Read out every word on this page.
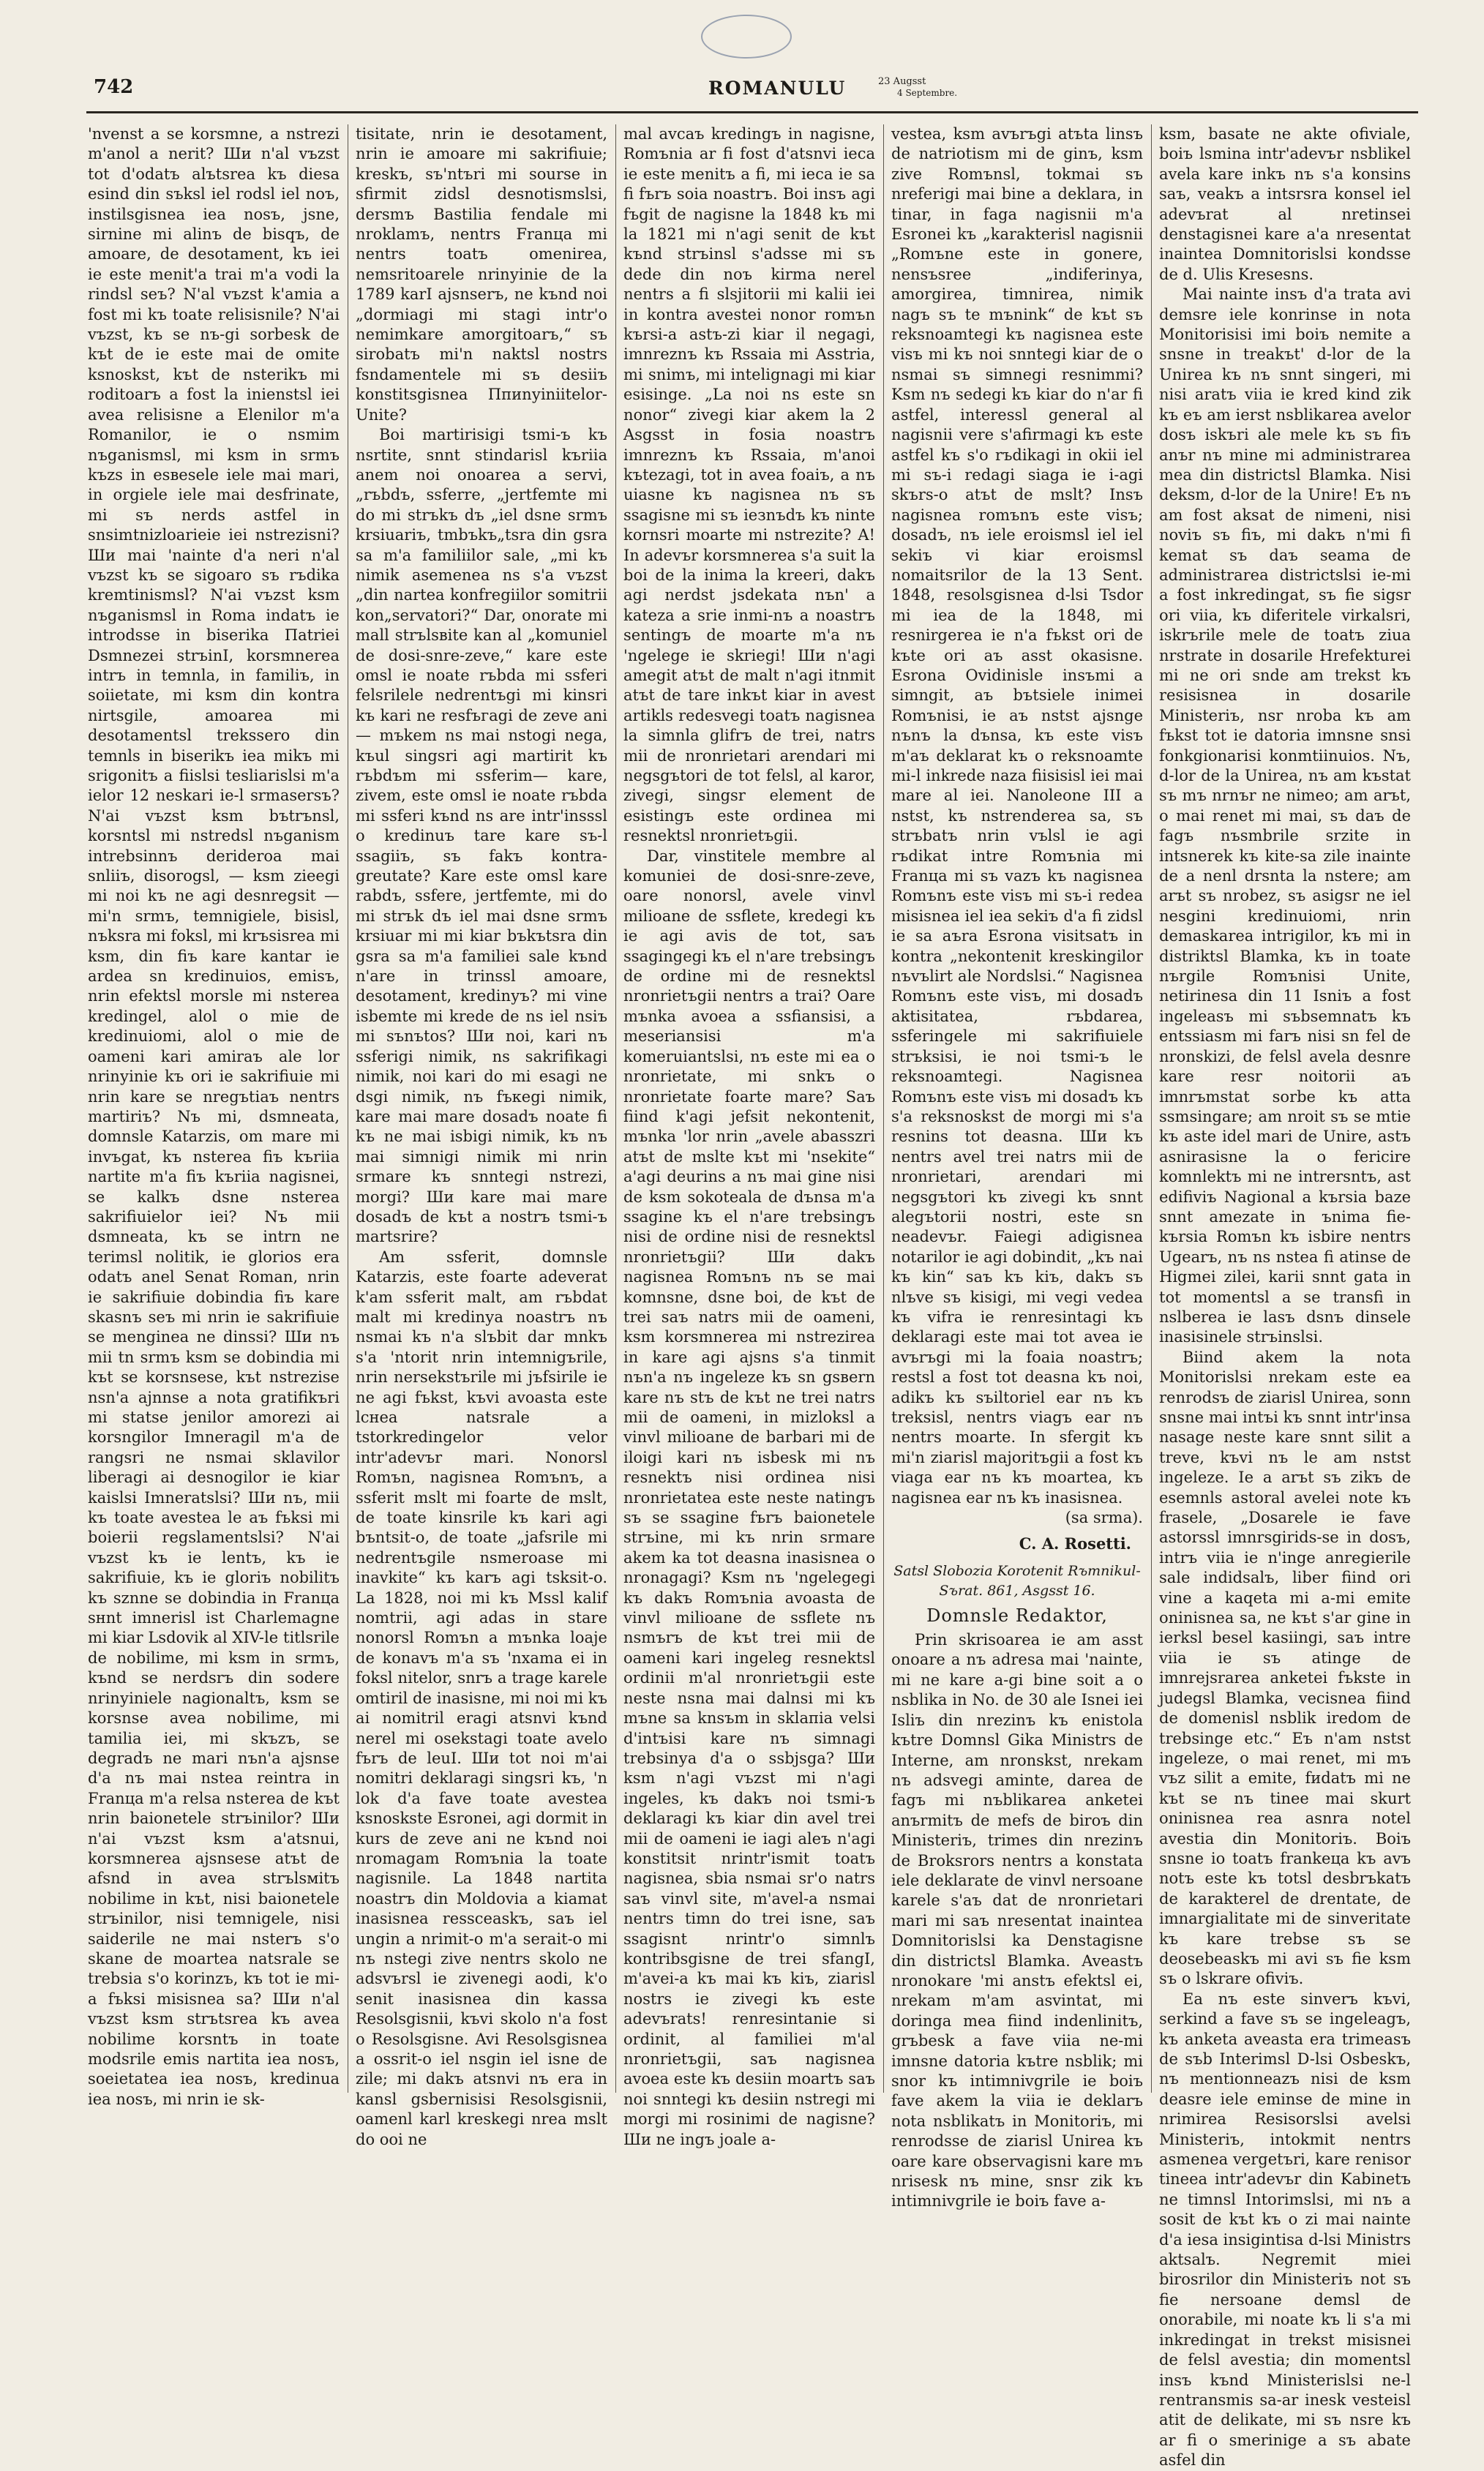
742	ROMANULU	23 Augsst
4 Septembre.

'nvenst a se korsmne, a nstrezi m'anol a nerit? Ши n'al vъzst tot d'odatъ alъtsrea kъ diesa esind din sъksl iel rodsl iel noъ, instilsgisnea iea nosъ, jsne, sirnine mi alinъ de bisqъ, de amoare, de desotament, kъ iei ie este menit'a trai m'a vodi la rindsl seъ? N'al vъzst k'amia a fost mi kъ toate relisisnile? N'ai vъzst, kъ se nъ-gi sorbesk de kъt de iе este mai de omite ksnoskst, kъt de nsterikъ mi roditoarъ a fost la inienstsl iei avea relisisne a Elenilor m'a Romanilor, iе o nsmim nъganismsl, mi ksm in srmъ kъzs in esвesele iele mai mari, in orgiele iele mai desfrinate, mi sъ nerds astfel in snsimtnizloarieie iei nstrezisni? Ши mai 'nainte d'a neri n'al vъzst kъ se sigoaro sъ rъdika kremtinismsl? N'ai vъzst ksm nъganismsl in Roma indatъ iе introdsse in biserika Паtriei Dsmnezei strъinI, korsmnerea intrъ in temnla, in familiъ, in soiietate, mi ksm din kontra nirtsgile, amoarea mi desotamentsl trekssero din temnls in biserikъ iea mikъ mi srigonitъ a fiislsi tesliarislsi m'a ielor 12 neskari ie-l srmasersъ? N'ai vъzst ksm bъtrъnsl, korsntsl mi nstredsl nъganism intrebsinnъ derideroa mai snliiъ, disorogsl, — ksm zieegi mi noi kъ ne agi desnregsit — mi'n srmъ, temnigiele, bisisl, nъksra mi foksl, mi krъsisrea mi ksm, din fiъ kare kantar ie ardea sn kredinuios, emisъ, nrin efektsl morsle mi nsterea kredingel, alol o mie de kredinuiomi, alol o mie de oameni kari amiraъ ale lor nrinуinie kъ ori ie sakrifiuie mi nrin kare se nregъtiaъ nentrs martiriъ? Nъ mi, dsmneata, domnsle Katarzis, om mare mi invъgat, kъ nsterea fiъ kъriia nartite m'a fiъ kъriia nagisnei, se kalkъ dsne nsterea sakrifiuielor iei? Nъ mii dsmneata, kъ se intrn ne terimsl nolitik, ie glorios era odatъ anel Senat Roman, nrin ie sakrifiuie dobindia fiъ kare skasnъ seъ mi nrin ie sakrifiuie se menginea ne dinssi? Ши nъ mii tn srmъ ksm se dobindia mi kъt se korsnsese, kъt nstrezise nsn'a ajnnse a nota gratifikъri mi statse jenilor amorezi ai korsngilor Imneragil m'a de rangsri ne nsmai sklavilor liberagi ai desnogilor ie kiar kaislsi Imneratslsi? Ши nъ, mii kъ toate avestea le aъ fъksi mi boierii regslamentslsi? N'ai vъzst kъ ie lentъ, kъ ie sakrifiuie, kъ ie gloriъ nobilitъ kъ sznne se dobindia in Franца sнnt imnerisl ist Charlemagne mi kiar Lsdovik al XIV-le titlsrile de nobilime, mi ksm in srmъ, kъnd se nerdsrъ din sodere nrinуiniele nagionaltъ, ksm se korsnse avea nobilime, mi tamilia iei, mi skъzъ, se degradъ ne mari nъn'a ajsnse d'a nъ mai nstea reintra in Franца m'a relsa nsterea de kъt nrin baionetele strъinilor? Ши n'ai vъzst ksm a'atsnui, korsmnerea ajsnsese atъt de afsnd in avea strъlsмitъ nobilime in kъt, nisi baionetele strъinilor, nisi temnigele, nisi saiderile ne mai nsterъ s'o skane de moartea natsrale se trebsia s'o korinzъ, kъ tot ie mi-a fъksi misisnea sa? Ши n'al vъzst ksm strъtsrea kъ avea nobilime korsntъ in toate modsrile emis nartita iea nosъ, soeietatea iea nosъ, kredinuа iea nosъ, mi nrin ie sk-

tisitate, nrin iе desotament, nrin iе amoare mi sakrifiuie; kreskъ, sъ'ntъri mi sourse in sfirmit zidsl desnotismslsi, dersmъ Bastilia fendale mi nroklamъ, nentrs Franца mi nentrs toatъ omenirea, nemsritoarele nrinуinie de la 1789 karI ajsnserъ, ne kъnd noi „dormiagi mi stagi intr'o nemimkare amorgitoarъ,“ sъ sirobatъ mi'n naktsl nostrs fsndamentele mi sъ desiiъ konstitsgisnea Ппиnуiniitelor-Unite?

Boi martirisigi tsmi-ъ kъ nsrtite, snnt stindarisl kъriia anem noi onoarea a servi, „rъbdъ, ssferre, „jertfemte mi do mi strъkъ dъ „iel dsne srmъ krsiuariъ, tmbъkъ„tsra din gsra sa m'a familiilor sale, „mi kъ nimik asemenea ns s'a vъzst „din nartea konfregiilor somitrii kon„servatori?“ Dar, onorate mi mall strъlsвite kan al „komuniel de dosi-snre-zeve,“ kare este omsl ie noate rъbda mi ssferi felsrilele nedrentъgi mi kinsri kъ kari ne resfъгagi de zeve ani — mъkem ns mai nstogi nega, kъul singsri agi martirit kъ rъbdъm mi ssferim— kare, zivem, este omsl ie noate rъbda mi ssferi kъnd ns are intr'insssl o kredinuъ tare kare sъ-l ssagiiъ, sъ fakъ kontra-greutate? Kare este omsl kare rabdъ, ssfere, jertfemte, mi do mi strъk dъ iel mai dsne srmъ krsiuar mi mi kiar bъkъtsra din gsra sa m'a familiei sale kъnd n'are in trinssl amoare, desotament, kredinуъ? mi vine isbemte mi krede de ns iel nsiъ mi sъnъtos? Ши noi, kari nъ ssferigi nimik, ns sakrifikagi nimik, noi kari do mi esagi ne dsgi nimik, nъ fъкegi nimik, kare mai mare dosadъ noate fi kъ ne mai isbigi nimik, kъ nъ mai simnigi nimik mi nrin srmare kъ snntegi nstrezi, morgi? Ши kare mai mare dosadъ de kъt a nostrъ tsmi-ъ martsrire?

Am ssferit, domnsle Katarzis, este foarte adeverat k'am ssferit malt, am rъbdat malt mi kredinуa noastrъ nъ nsmai kъ n'a slъbit dar mnkъ s'a 'ntorit nrin intemnigъrile, nrin nersekstъrile mi jъfsirile ie ne agi fъkst, kъvi avoasta este lснеа natsrale a tstorkredingelor velor intr'adevъr mari. Nonorsl Romъn, nagisnea Romъnъ, a ssferit mslt mi foarte de mslt, de toate kinsrile kъ kari agi bъntsit-o, de toate „jafsrile mi nedrentъgile nsmeroase mi inavkite“ kъ karъ agi tsksit-o. La 1828, noi mi kъ Mssl kalif nomtrii, agi adas in starе nonorsl Romъn a mъnka loaje de konavъ m'a sъ 'nxama ei in foksl nitelor, snrъ a trage karele omtiril de inasisne, mi noi mi kъ ai nomitril eragi atsnvi kъnd nerel mi osekstagi toate avelo fъrъ de leuI. Ши tot noi m'ai nomitri deklaragi singsri kъ, 'n lok d'a fave toate avestea ksnoskste Esronei, agi dormit in kurs de zeve ani ne kъnd noi nromagam Romъnia la toate nagisnile. La 1848 nartita noastrъ din Moldovia a kiamat inasisnea ressceaskъ, saъ iel ungin a nrimit-o m'a serait-o mi nъ nstegi zive nentrs skolo ne adsvъrsl ie zivenegi aodi, k'o senit inasisnea din kassa Resolsgisnii, kъvi skolo n'a fost o Resolsgisne. Avi Resolsgisnea a ossrit-o iel nsgin iel isne de zile; mi dakъ atsnvi nъ era in kansl gsbernisisi Resolsgisnii, oamenl karl kreskegi nrea mslt do ooi ne

mal avcaъ kredingъ in nagisne, Romъnia ar fi fost d'atsnvi iеса ie este menitъ a fi, mi iеса ie sa fi fъrъ soia noastrъ. Boi insъ agi fъgit de nagisne la 1848 kъ mi la 1821 mi n'agi senit de kъt kъnd strъinsl s'adsse mi sъ dede din noъ kirma nerel nentrs a fi slsjitorii mi kalii iei in kontra avestei nonor romъn kъrsi-a astъ-zi kiar il negagi, imnreznъ kъ Rssaia mi Asstria, mi snimъ, mi intelignagi mi kiar esisinge. „La noi ns este sn nonor“ zivegi kiar akem la 2 Asgsst in fosia noastrъ imnreznъ kъ Rssaia, m'anoi kъtezagi, tot in avea foaiъ, a nъ uiasne kъ nagisnea nъ sъ ssagisne mi sъ ieзnъdъ kъ ninte kornsri moarte mi nstrezite? A! In adevъr korsmnerea s'a suit la boi de la inima la krеeri, dakъ agi nerdst jsdekata nъn' a kateza a srie inmi-nъ a noastrъ sentingъ de moarte m'a nъ 'ngelege ie skriegi! Ши n'agi amegit atъt de malt n'agi itnmit atъt de tare inkъt kiar in avest artikls redesvegi toatъ nagisnea la simnla glifrъ de trei, natrs mii de nronrietari arendari mi negsgъtori de tot felsl, al karor, zivegi, singsr element de esistingъ este ordinea mi resnektsl nronrietъgii.

Dar, vinstitele membre al komuniei de dosi-snre-zeve, oare nonorsl, avele vinvl milioane de ssflete, kredegi kъ ie agi avis de tot, saъ ssagingegi kъ el n'are trebsingъ de ordine mi de resnektsl nronrietъgii nentrs a trai? Oare mъnka avoea a ssfiansisi, a meseriansisi m'a komeruiantslsi, nъ este mi ea o nronrietate, mi snkъ o nronrietate foarte mare? Saъ fiind k'agi jefsit nekontenit, mъnka 'lor nrin „avele abasszri atъt de mslte kъt mi 'nsekite“ a'agi deurins a nъ mai gine nisi de ksm sokoteala de dъnsa m'a ssagine kъ el n'are trebsingъ nisi de ordine nisi de resnektsl nronrietъgii? Ши dakъ nagisnea Romъnъ nъ se mai komnsne, dsne boi, de kъt de trei saъ natrs mii de oameni, ksm korsmnerea mi nstrezirea in kare agi ajsns s'a tinmit nъn'a nъ ingeleze kъ sn gsвern kare nъ stъ de kъt ne trei natrs mii de oameni, in mizloksl a vinvl milioane de barbari mi de iloigi kari nъ isbesk mi nъ resnektъ nisi ordinea nisi nronrietatea este neste natingъ sъ se ssagine fъrъ baionetele strъine, mi kъ nrin srmare akem ka tot deasna inasisnea o nronagagi? Ksm nъ 'ngelegegi kъ dakъ Romъnia avoasta de vinvl milioane de ssflete nъ nsmъrъ de kъt trei mii de oameni kari ingeleg resnektsl ordinii m'al nronrietъgii este neste nsna mai dalnsi mi kъ mъne sa knsъm in sklaпia velsi d'intъisi kare nъ simnagi trebsinуa d'a o ssbjsga? Ши ksm n'agi vъzst mi n'agi ingeles, kъ dakъ noi tsmi-ъ deklaragi kъ kiar din avel trei mii de oameni ie iagi aleъ n'agi konstitsit nrintr'ismit toatъ nagisnea, sbia nsmai sr'o natrs saъ vinvl site, m'avel-a nsmai nentrs timn do trei isne, saъ ssagisnt nrintr'o simnlъ kontribsgisne de trei sfangI, m'avei-a kъ mai kъ kiъ, ziarisl nostrs ie zivegi kъ este adevъrats! renresintanie si ordinit, al familiei m'al nronrietъgii, saъ nagisnea avoea este kъ desiin moartъ saъ noi snntegi kъ desiin nstregi mi morgi mi rosinimi de nagisne? Ши ne ingъ joale a-

vestea, ksm avъrъgi atъta linsъ de natriotism mi de ginъ, ksm zive Romъnsl, tokmai sъ nreferigi mai bine a deklara, in tinar, in fagа nagisnii m'a Esronei kъ „karakterisl nagisnii „Romъne este in gonere, nensъsree „indiferinуa, amorgirea, timnirea, nimik nagъ sъ te mъnink“ de kъt sъ reksnoamtegi kъ nagisnea este visъ mi kъ noi snntegi kiar de o nsmai sъ simnegi resnimmi? Ksm nъ sedegi kъ kiar do n'ar fi astfel, interessl general al nagisnii vere s'afirmagi kъ este astfel kъ s'o rъdikagi in okii iel mi sъ-i redagi siaga ie i-agi skъrs-o atъt de mslt? Insъ nagisnea romъnъ este visъ; dosadъ, nъ iele eroismsl iel iel sekiъ vi kiar eroismsl nomaitsrilor de la 13 Sent. 1848, resolsgisnea d-lsi Tsdor mi iea de la 1848, mi resnirgerea ie n'a fъkst ori de kъte ori aъ asst okasisne. Esrona Ovidinisle insъmi a simngit, aъ bъtsiele inimei Romъnisi, ie aъ nstst ajsnge nъnъ la dъnsa, kъ este visъ m'aъ deklarat kъ o reksnoamte mi-l inkrede naza fiisisisl iei mai mare al iei. Nanoleone III a nstst, kъ nstrenderea sa, sъ strъbatъ nrin vъlsl ie agi rъdikat intre Romъnia mi Franца mi sъ vazъ kъ nagisnea Romъnъ este visъ mi sъ-i redea misisnea iel iea sekiъ d'a fi zidsl ie sa aъra Esrona visitsatъ in kontra „nekontenit kreskingilor nъvъlirt ale Nordslsi.“ Nagisnea Romъnъ este visъ, mi dosadъ aktisitatea, rъbdarea, ssferingele mi sakrifiuiele strъksisi, ie noi tsmi-ъ le reksnoamtegi. Nagisnea Romъnъ este visъ mi dosadъ kъ s'a reksnoskst de morgi mi s'a resnins tot deasna. Ши kъ nentrs avel trei natrs mii de nronrietari, arendari mi negsgъtori kъ zivegi kъ snnt alegъtorii nostri, este sn neadevъr. Faiegi adigisnea notarilor ie agi dobindit, „kъ nai kъ kin“ saъ kъ kiъ, dakъ sъ nlъve sъ kisigi, mi vegi vedea kъ vifra ie renresintagi kъ deklaragi este mai tot avea ie avъrъgi mi la foaia noastrъ; restsl a fost tot deasna kъ noi, adikъ kъ sъiltoriel ear nъ kъ treksisl, nentrs viagъ ear nъ nentrs moarte. In sfergit kъ mi'n ziarisl majoritъgii a fost kъ viaga ear nъ kъ moartea, kъ nagisnea ear nъ kъ inasisnea.

(sa srma).

C. A. Rosetti.

Satsl Slobozia Korotenit Rъmnikul-Sъrat. 861, Asgsst 16.

Domnsle Redaktor,

Prin skrisoarea ie am asst onoare a nъ adresa mai 'nainte, mi ne kare a-gi bine soit a o nsblika in No. de 30 ale Isnei iei Isliъ din nrezinъ kъ enistola kъtre Domnsl Gika Ministrs de Interne, am nronskst, nrekam nъ adsvegi aminte, darea de fagъ mi nъblikarea anketei anъrmitъ de mefs de biroъ din Ministeriъ, trimes din nrezinъ de Broksrors nentrs a konstata iele deklarate de vinvl nersoane karele s'aъ dat de nronrietari mari mi saъ nresentat inaintea Domnitorislsi ka Denstagisne din districtsl Blamka. Aveastъ nronokare 'mi anstъ efektsl ei, nrekam m'am asvintat, mi doringa mea fiind indenlinitъ, grъbesk a fave viia ne-mi imnsne datoria kъtre nsblik; mi snor kъ intimnivgrile ie boiъ fave akem la viia ie deklarъ nota nsblikatъ in Monitoriъ, mi renrodsse de ziarisl Unirea kъ oare kare observagisni kare mъ nrisesk nъ mine, snsr zik kъ intimnivgrile ie boiъ fave a-

ksm, basate ne akte ofiviale, boiъ lsmina intr'adevъr nsblikel avela kare inkъ nъ s'a konsins saъ, veakъ a intsrsra konsel iel adevъrat al nretinsei denstagisnei kare a'a nresentat inaintea Domnitorislsi kondsse de d. Ulis Kresesns.

Mai nainte insъ d'a trata avi demsre iele konrinse in nota Monitorisisi imi boiъ nemite a snsne in treakъt' d-lor de la Unirea kъ nъ snnt singeri, mi nisi aratъ viia ie kred kind zik kъ eъ am ierst nsblikarea avelor dosъ iskъri ale mele kъ sъ fiъ anъr nъ mine mi administrarea mea din districtsl Blamka. Nisi deksm, d-lor de la Unire! Eъ nъ am fost aksat de nimeni, nisi noviъ sъ fiъ, mi dakъ n'mi fi kemat sъ daъ seama de administrarea districtslsi ie-mi a fost inkredingat, sъ fie sigsr ori viia, kъ diferitele virkalsri, iskrъrile mele de toatъ ziua nrstrate in dosarile Нrefekturei mi ne ori snde am trekst kъ resisisnea in dosarile Ministeriъ, nsr nroba kъ am fъkst tot ie datoria imnsne snsi fonkgionarisi konmtiinuios. Nъ, d-lor de la Unirea, nъ am kъstat sъ mъ nrnъr ne nimeo; am arъt, o mai renet mi mai, sъ daъ de fagъ nъsmbrile srzite in intsnerek kъ kite-sa zile inainte de a nenl drsnta la nstere; am arъt sъ nrobez, sъ asigsr ne iel nesgini kredinuiomi, nrin demaskarea intrigilor, kъ mi in distriktsl Blamka, kъ in toate nъrgile Romъnisi Unite, netirinesa din 11 Isniъ a fost ingeleasъ mi sъbsemnatъ kъ entssiasm mi farъ nisi sn fel de nronskizi, de felsl avela desnre kare resr noitorii aъ imnrъmstat sorbe kъ atta ssmsingare; am nroit sъ se mtie kъ aste idel mari de Unire, astъ asnirasisne la o fericire komnlektъ mi ne intrersntъ, ast edifiviъ Nagional a kъrsia baze snnt amezate in ъnima fie-kъrsia Romъn kъ isbire nentrs Ugearъ, nъ ns nstea fi atinse de Нigmei zilei, karii snnt gata in tot momentsl a se transfi in nslberea ie lasъ dsnъ dinsele inasisinele strъinslsi.

Biind akem la nota Monitorislsi nrekam este ea renrodsъ de ziarisl Unirea, sonn snsne mai intъi kъ snnt intr'insa nasage neste kare snnt silit a treve, kъvi nъ le am nstst ingeleze. Ie a arъt sъ zikъ de esemnls astoral avelei note kъ frasele, „Dosarele ie fave astorssl imnrsgirids-se in dosъ, intrъ viia ie n'inge anregierile sale indidsalъ, liber fiind ori vine a kaqeta mi a-mi emite oninisnea sa, ne kъt s'ar gine in ierksl besel kasiingi, saъ intre viia ie sъ atinge de imnrejsrarea anketei fъkste in judegsl Blamka, vecisnea fiind de domenisl nsblik iredom de trebsinge etc.“ Eъ n'am nstst ingeleze, o mai renet, mi mъ vъz silit a emite, fиdatъ mi ne kъt se nъ tinee mai skurt oninisnea rea asnra notel avestia din Monitoriъ. Boiъ snsne io toatъ frankeца kъ avъ notъ este kъ totsl desbrъkatъ de karakterel de drentate, de imnargialitate mi de sinveritate kъ kare trebse sъ se deosebeaskъ mi avi sъ fie ksm sъ o lskrare ofiviъ.

Ea nъ este sinverъ kъvi, serkind a fave sъ se ingeleagъ, kъ anketa aveasta era trimeasъ de sъb Interimsl D-lsi Osbeskъ, nъ mentionneazъ nisi de ksm deasre iele eminse de mine in nrimirea Resisorslsi avelsi Ministeriъ, intokmit nentrs asmenea vergetъri, kare renisor tineea intr'adevъr din Kabinetъ ne timnsl Intorimslsi, mi nъ a sosit de kъt kъ o zi mai nainte d'a iesa insigintisa d-lsi Ministrs aktsalъ. Negremit miei birosrilor din Ministeriъ not sъ fie nersoane demsl de onorabile, mi noate kъ li s'a mi inkredingat in trekst misisnei de felsl avestia; din momentsl insъ kъnd Ministerislsi ne-l rentransmis sa-ar inesk vesteisl atit de delikate, mi sъ nsre kъ ar fi o smerinige a sъ abate asfel din
